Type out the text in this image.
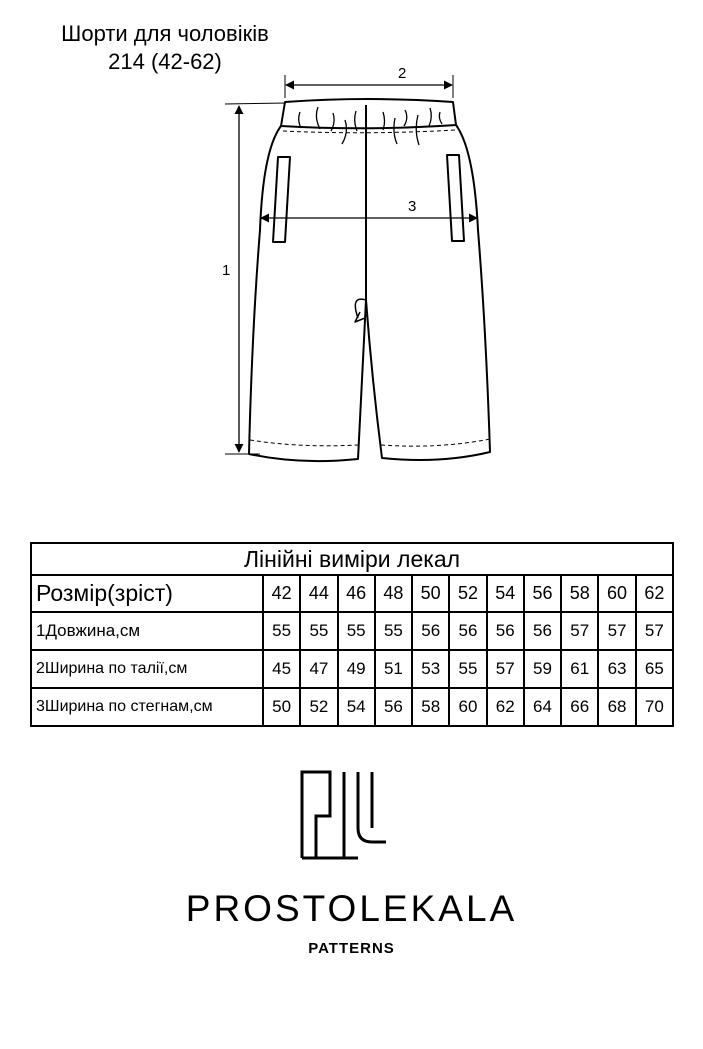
Шорти для чоловіків
214 (42-62)	2
3
1
Лінійні виміри лекал											
Розмір(зріст)	42	44	46	48	50	52	54	56	58	60	62
1Довжина,см	55	55	55	55	56	56	56	56	57	57	57
2Ширина по талії,см	45	47	49	51	53	55	57	59	61	63	65
3Ширина по стегнам,см	50	52	54	56	58	60	62	64	66	68	70
PROSTOLEKALA
PATTERNS
